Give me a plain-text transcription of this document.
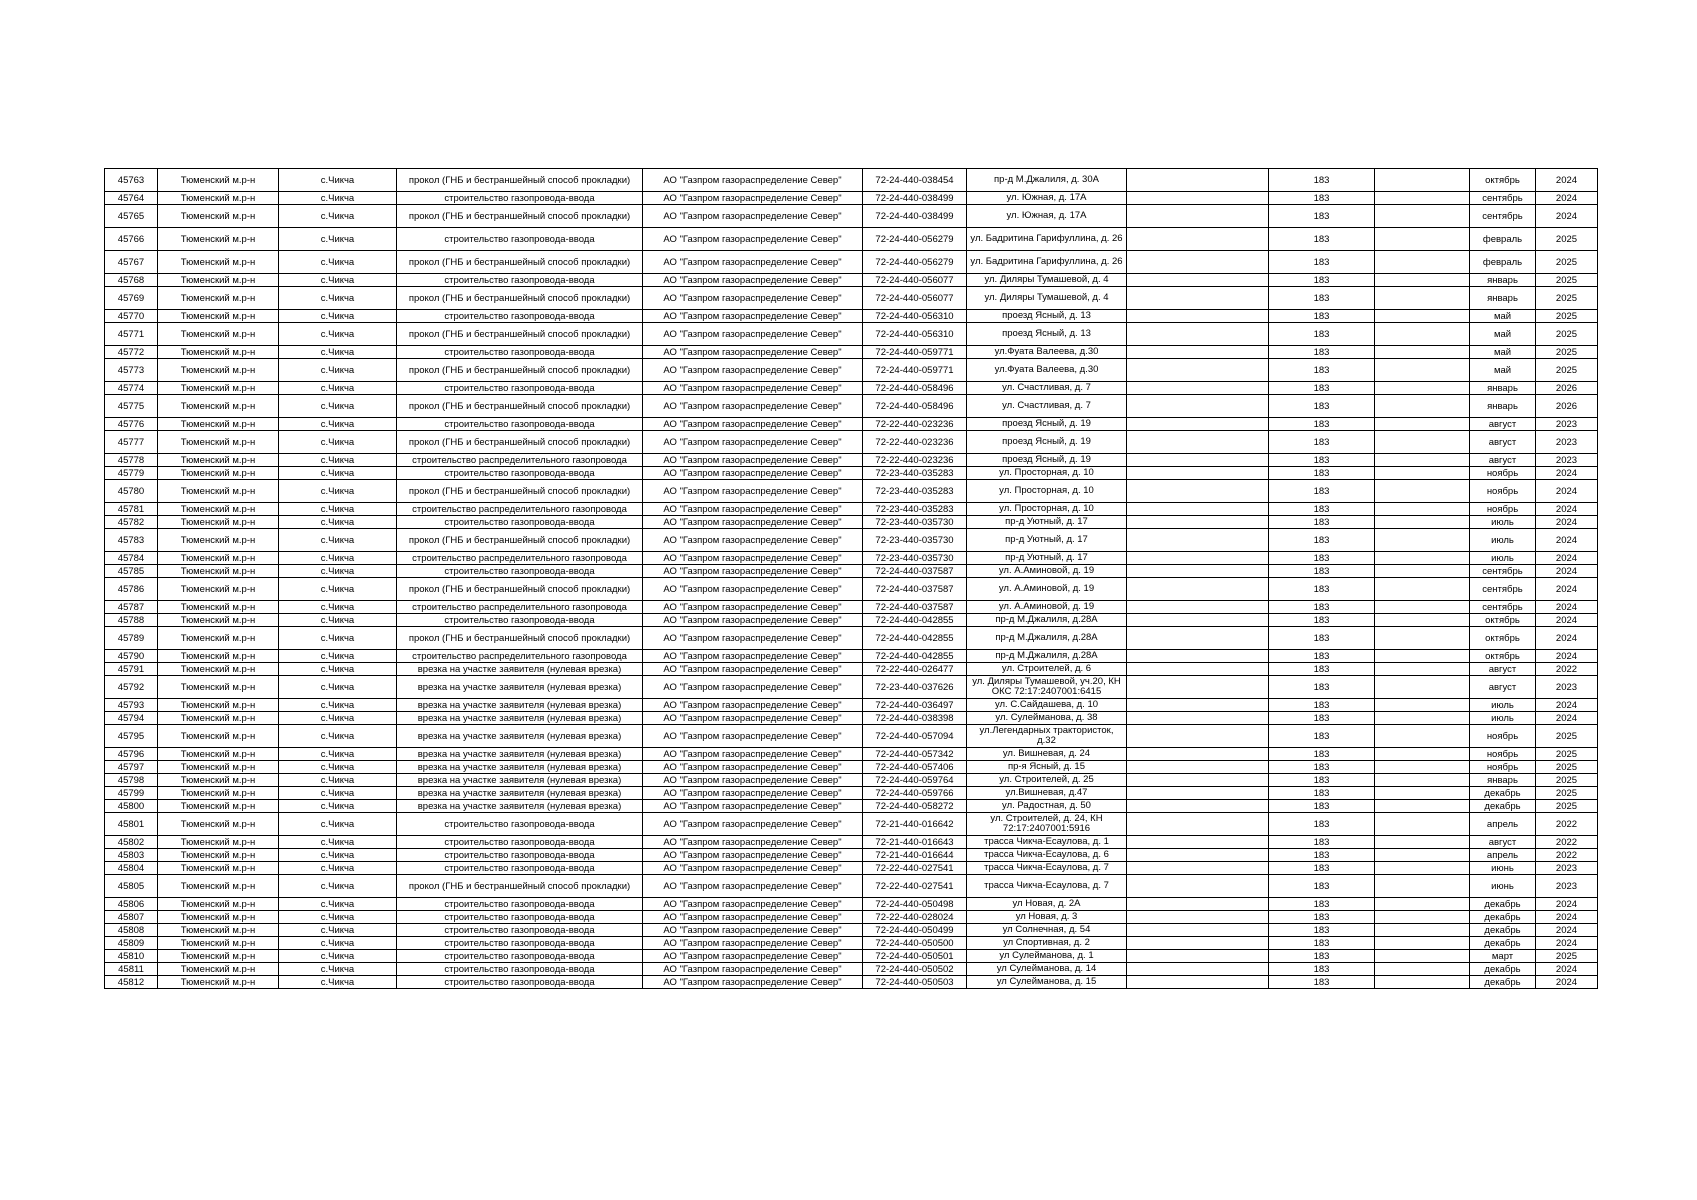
45763	Тюменский м.р-н	с.Чикча	прокол (ГНБ и бестраншейный способ прокладки)	АО "Газпром газораспределение Север"	72-24-440-038454	пр-д М.Джалиля, д. 30А		183		октябрь	2024
45764	Тюменский м.р-н	с.Чикча	строительство газопровода-ввода	АО "Газпром газораспределение Север"	72-24-440-038499	ул. Южная, д. 17А		183		сентябрь	2024
45765	Тюменский м.р-н	с.Чикча	прокол (ГНБ и бестраншейный способ прокладки)	АО "Газпром газораспределение Север"	72-24-440-038499	ул. Южная, д. 17А		183		сентябрь	2024
45766	Тюменский м.р-н	с.Чикча	строительство газопровода-ввода	АО "Газпром газораспределение Север"	72-24-440-056279	ул. Бадритина Гарифуллина, д. 26		183		февраль	2025
45767	Тюменский м.р-н	с.Чикча	прокол (ГНБ и бестраншейный способ прокладки)	АО "Газпром газораспределение Север"	72-24-440-056279	ул. Бадритина Гарифуллина, д. 26		183		февраль	2025
45768	Тюменский м.р-н	с.Чикча	строительство газопровода-ввода	АО "Газпром газораспределение Север"	72-24-440-056077	ул. Диляры Тумашевой, д. 4		183		январь	2025
45769	Тюменский м.р-н	с.Чикча	прокол (ГНБ и бестраншейный способ прокладки)	АО "Газпром газораспределение Север"	72-24-440-056077	ул. Диляры Тумашевой, д. 4		183		январь	2025
45770	Тюменский м.р-н	с.Чикча	строительство газопровода-ввода	АО "Газпром газораспределение Север"	72-24-440-056310	проезд Ясный, д. 13		183		май	2025
45771	Тюменский м.р-н	с.Чикча	прокол (ГНБ и бестраншейный способ прокладки)	АО "Газпром газораспределение Север"	72-24-440-056310	проезд Ясный, д. 13		183		май	2025
45772	Тюменский м.р-н	с.Чикча	строительство газопровода-ввода	АО "Газпром газораспределение Север"	72-24-440-059771	ул.Фуата Валеева, д.30		183		май	2025
45773	Тюменский м.р-н	с.Чикча	прокол (ГНБ и бестраншейный способ прокладки)	АО "Газпром газораспределение Север"	72-24-440-059771	ул.Фуата Валеева, д.30		183		май	2025
45774	Тюменский м.р-н	с.Чикча	строительство газопровода-ввода	АО "Газпром газораспределение Север"	72-24-440-058496	ул. Счастливая, д. 7		183		январь	2026
45775	Тюменский м.р-н	с.Чикча	прокол (ГНБ и бестраншейный способ прокладки)	АО "Газпром газораспределение Север"	72-24-440-058496	ул. Счастливая, д. 7		183		январь	2026
45776	Тюменский м.р-н	с.Чикча	строительство газопровода-ввода	АО "Газпром газораспределение Север"	72-22-440-023236	проезд Ясный, д. 19		183		август	2023
45777	Тюменский м.р-н	с.Чикча	прокол (ГНБ и бестраншейный способ прокладки)	АО "Газпром газораспределение Север"	72-22-440-023236	проезд Ясный, д. 19		183		август	2023
45778	Тюменский м.р-н	с.Чикча	строительство распределительного газопровода	АО "Газпром газораспределение Север"	72-22-440-023236	проезд Ясный, д. 19		183		август	2023
45779	Тюменский м.р-н	с.Чикча	строительство газопровода-ввода	АО "Газпром газораспределение Север"	72-23-440-035283	ул. Просторная, д. 10		183		ноябрь	2024
45780	Тюменский м.р-н	с.Чикча	прокол (ГНБ и бестраншейный способ прокладки)	АО "Газпром газораспределение Север"	72-23-440-035283	ул. Просторная, д. 10		183		ноябрь	2024
45781	Тюменский м.р-н	с.Чикча	строительство распределительного газопровода	АО "Газпром газораспределение Север"	72-23-440-035283	ул. Просторная, д. 10		183		ноябрь	2024
45782	Тюменский м.р-н	с.Чикча	строительство газопровода-ввода	АО "Газпром газораспределение Север"	72-23-440-035730	пр-д Уютный, д. 17		183		июль	2024
45783	Тюменский м.р-н	с.Чикча	прокол (ГНБ и бестраншейный способ прокладки)	АО "Газпром газораспределение Север"	72-23-440-035730	пр-д Уютный, д. 17		183		июль	2024
45784	Тюменский м.р-н	с.Чикча	строительство распределительного газопровода	АО "Газпром газораспределение Север"	72-23-440-035730	пр-д Уютный, д. 17		183		июль	2024
45785	Тюменский м.р-н	с.Чикча	строительство газопровода-ввода	АО "Газпром газораспределение Север"	72-24-440-037587	ул. А.Аминовой, д. 19		183		сентябрь	2024
45786	Тюменский м.р-н	с.Чикча	прокол (ГНБ и бестраншейный способ прокладки)	АО "Газпром газораспределение Север"	72-24-440-037587	ул. А.Аминовой, д. 19		183		сентябрь	2024
45787	Тюменский м.р-н	с.Чикча	строительство распределительного газопровода	АО "Газпром газораспределение Север"	72-24-440-037587	ул. А.Аминовой, д. 19		183		сентябрь	2024
45788	Тюменский м.р-н	с.Чикча	строительство газопровода-ввода	АО "Газпром газораспределение Север"	72-24-440-042855	пр-д М.Джалиля, д.28А		183		октябрь	2024
45789	Тюменский м.р-н	с.Чикча	прокол (ГНБ и бестраншейный способ прокладки)	АО "Газпром газораспределение Север"	72-24-440-042855	пр-д М.Джалиля, д.28А		183		октябрь	2024
45790	Тюменский м.р-н	с.Чикча	строительство распределительного газопровода	АО "Газпром газораспределение Север"	72-24-440-042855	пр-д М.Джалиля, д.28А		183		октябрь	2024
45791	Тюменский м.р-н	с.Чикча	врезка на участке заявителя (нулевая врезка)	АО "Газпром газораспределение Север"	72-22-440-026477	ул. Строителей, д. 6		183		август	2022
45792	Тюменский м.р-н	с.Чикча	врезка на участке заявителя (нулевая врезка)	АО "Газпром газораспределение Север"	72-23-440-037626	ул. Диляры Тумашевой, уч.20, КН ОКС 72:17:2407001:6415		183		август	2023
45793	Тюменский м.р-н	с.Чикча	врезка на участке заявителя (нулевая врезка)	АО "Газпром газораспределение Север"	72-24-440-036497	ул. С.Сайдашева, д. 10		183		июль	2024
45794	Тюменский м.р-н	с.Чикча	врезка на участке заявителя (нулевая врезка)	АО "Газпром газораспределение Север"	72-24-440-038398	ул. Сулейманова, д. 38		183		июль	2024
45795	Тюменский м.р-н	с.Чикча	врезка на участке заявителя (нулевая врезка)	АО "Газпром газораспределение Север"	72-24-440-057094	ул.Легендарных трактористок, д.32		183		ноябрь	2025
45796	Тюменский м.р-н	с.Чикча	врезка на участке заявителя (нулевая врезка)	АО "Газпром газораспределение Север"	72-24-440-057342	ул. Вишневая, д. 24		183		ноябрь	2025
45797	Тюменский м.р-н	с.Чикча	врезка на участке заявителя (нулевая врезка)	АО "Газпром газораспределение Север"	72-24-440-057406	пр-я Ясный, д. 15		183		ноябрь	2025
45798	Тюменский м.р-н	с.Чикча	врезка на участке заявителя (нулевая врезка)	АО "Газпром газораспределение Север"	72-24-440-059764	ул. Строителей, д. 25		183		январь	2025
45799	Тюменский м.р-н	с.Чикча	врезка на участке заявителя (нулевая врезка)	АО "Газпром газораспределение Север"	72-24-440-059766	ул.Вишневая, д.47		183		декабрь	2025
45800	Тюменский м.р-н	с.Чикча	врезка на участке заявителя (нулевая врезка)	АО "Газпром газораспределение Север"	72-24-440-058272	ул. Радостная, д. 50		183		декабрь	2025
45801	Тюменский м.р-н	с.Чикча	строительство газопровода-ввода	АО "Газпром газораспределение Север"	72-21-440-016642	ул. Строителей, д. 24, КН 72:17:2407001:5916		183		апрель	2022
45802	Тюменский м.р-н	с.Чикча	строительство газопровода-ввода	АО "Газпром газораспределение Север"	72-21-440-016643	трасса Чикча-Есаулова, д. 1		183		август	2022
45803	Тюменский м.р-н	с.Чикча	строительство газопровода-ввода	АО "Газпром газораспределение Север"	72-21-440-016644	трасса Чикча-Есаулова, д. 6		183		апрель	2022
45804	Тюменский м.р-н	с.Чикча	строительство газопровода-ввода	АО "Газпром газораспределение Север"	72-22-440-027541	трасса Чикча-Есаулова, д. 7		183		июнь	2023
45805	Тюменский м.р-н	с.Чикча	прокол (ГНБ и бестраншейный способ прокладки)	АО "Газпром газораспределение Север"	72-22-440-027541	трасса Чикча-Есаулова, д. 7		183		июнь	2023
45806	Тюменский м.р-н	с.Чикча	строительство газопровода-ввода	АО "Газпром газораспределение Север"	72-24-440-050498	ул Новая, д. 2А		183		декабрь	2024
45807	Тюменский м.р-н	с.Чикча	строительство газопровода-ввода	АО "Газпром газораспределение Север"	72-22-440-028024	ул Новая, д. 3		183		декабрь	2024
45808	Тюменский м.р-н	с.Чикча	строительство газопровода-ввода	АО "Газпром газораспределение Север"	72-24-440-050499	ул Солнечная, д. 54		183		декабрь	2024
45809	Тюменский м.р-н	с.Чикча	строительство газопровода-ввода	АО "Газпром газораспределение Север"	72-24-440-050500	ул Спортивная, д. 2		183		декабрь	2024
45810	Тюменский м.р-н	с.Чикча	строительство газопровода-ввода	АО "Газпром газораспределение Север"	72-24-440-050501	ул Сулейманова, д. 1		183		март	2025
45811	Тюменский м.р-н	с.Чикча	строительство газопровода-ввода	АО "Газпром газораспределение Север"	72-24-440-050502	ул Сулейманова, д. 14		183		декабрь	2024
45812	Тюменский м.р-н	с.Чикча	строительство газопровода-ввода	АО "Газпром газораспределение Север"	72-24-440-050503	ул Сулейманова, д. 15		183		декабрь	2024
